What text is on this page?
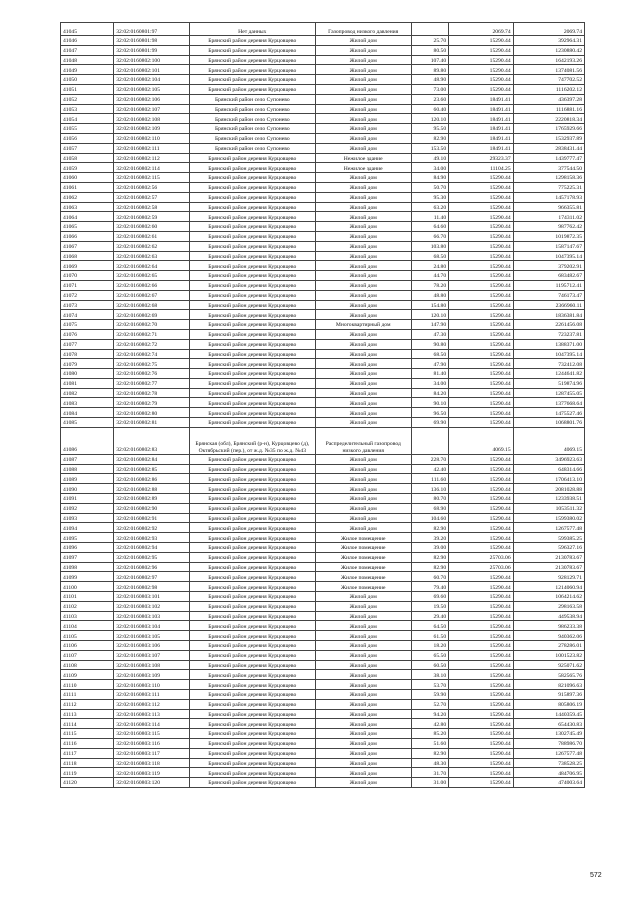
41045	32:02:0160801:97	Нет данных	Газопровод низкого давления		2069.74	2069.74
41046	32:02:0160801:98	Брянский район деревня Курцовцево	Жилой дом	25.70	15290.44	392964.31
41047	32:02:0160801:99	Брянский район деревня Курцовцево	Жилой дом	80.50	15290.44	1230880.42
41048	32:02:0160802:100	Брянский район деревня Курцовцево	Жилой дом	107.40	15290.44	1642193.26
41049	32:02:0160802:101	Брянский район деревня Курцовцево	Жилой дом	89.80	15290.44	1374081.56
41050	32:02:0160802:104	Брянский район деревня Курцовцево	Жилой дом	48.90	15290.44	747702.52
41051	32:02:0160802:105	Брянский район деревня Курцовцево	Жилой дом	73.00	15290.44	1116202.12
41052	32:02:0160802:106	Брянский район село Супонево	Жилой дом	23.60	18491.41	436397.28
41053	32:02:0160802:107	Брянский район село Супонево	Жилой дом	60.40	18491.41	1116881.16
41054	32:02:0160802:108	Брянский район село Супонево	Жилой дом	120.10	18491.41	2220818.34
41055	32:02:0160802:109	Брянский район село Супонево	Жилой дом	95.50	18491.41	1765929.66
41056	32:02:0160802:110	Брянский район село Супонево	Жилой дом	82.90	18491.41	1532937.89
41057	32:02:0160802:111	Брянский район село Супонево	Жилой дом	153.50	18491.41	2838431.44
41058	32:02:0160802:112	Брянский район деревня Курцовцево	Нежилое здание	49.10	29323.37	1439777.47
41059	32:02:0160802:114	Брянский район деревня Курцовцево	Нежилое здание	34.00	11104.25	377544.50
41060	32:02:0160802:115	Брянский район деревня Курцовцево	Жилой дом	84.90	15290.44	1298158.36
41061	32:02:0160802:56	Брянский район деревня Курцовцево	Жилой дом	50.70	15290.44	775225.31
41062	32:02:0160802:57	Брянский район деревня Курцовцево	Жилой дом	95.30	15290.44	1457178.93
41063	32:02:0160802:58	Брянский район деревня Курцовцево	Жилой дом	63.20	15290.44	966355.81
41064	32:02:0160802:59	Брянский район деревня Курцовцево	Жилой дом	11.40	15290.44	174311.02
41065	32:02:0160802:60	Брянский район деревня Курцовцево	Жилой дом	64.60	15290.44	987762.42
41066	32:02:0160802:61	Брянский район деревня Курцовцево	Жилой дом	66.70	15290.44	1019872.35
41067	32:02:0160802:62	Брянский район деревня Курцовцево	Жилой дом	103.80	15290.44	1587147.67
41068	32:02:0160802:63	Брянский район деревня Курцовцево	Жилой дом	68.50	15290.44	1047395.14
41069	32:02:0160802:64	Брянский район деревня Курцовцево	Жилой дом	24.80	15290.44	379202.91
41070	32:02:0160802:65	Брянский район деревня Курцовцево	Жилой дом	44.70	15290.44	683482.67
41071	32:02:0160802:66	Брянский район деревня Курцовцево	Жилой дом	78.20	15290.44	1195712.41
41072	32:02:0160802:67	Брянский район деревня Курцовцево	Жилой дом	48.80	15290.44	746173.47
41073	32:02:0160802:68	Брянский район деревня Курцовцево	Жилой дом	154.80	15290.44	2366960.11
41074	32:02:0160802:69	Брянский район деревня Курцовцево	Жилой дом	120.10	15290.44	1836381.84
41075	32:02:0160802:70	Брянский район деревня Курцовцево	Многоквартирный дом	147.90	15290.44	2261456.08
41076	32:02:0160802:71	Брянский район деревня Курцовцево	Жилой дом	47.30	15290.44	723237.81
41077	32:02:0160802:72	Брянский район деревня Курцовцево	Жилой дом	90.80	15290.44	1388371.00
41078	32:02:0160802:74	Брянский район деревня Курцовцево	Жилой дом	68.50	15290.44	1047395.14
41079	32:02:0160802:75	Брянский район деревня Курцовцево	Жилой дом	47.90	15290.44	732412.08
41080	32:02:0160802:76	Брянский район деревня Курцовцево	Жилой дом	81.40	15290.44	1244641.82
41081	32:02:0160802:77	Брянский район деревня Курцовцево	Жилой дом	34.00	15290.44	519874.96
41082	32:02:0160802:78	Брянский район деревня Курцовцево	Жилой дом	84.20	15290.44	1287455.05
41083	32:02:0160802:79	Брянский район деревня Курцовцево	Жилой дом	90.10	15290.44	1377668.64
41084	32:02:0160802:80	Брянский район деревня Курцовцево	Жилой дом	96.50	15290.44	1475527.46
41085	32:02:0160802:81	Брянский район деревня Курцовцево	Жилой дом	69.90	15290.44	1068801.76
41086	32:02:0160802:83	Брянская (обл), Брянский (р-н), Курцовцево (д), Октябрьский (пер.), от ж.д. №35 по ж.д. №43	Распределительный газопровод низкого давления		4069.15	4069.15
41087	32:02:0160802:84	Брянский район деревня Курцовцево	Жилой дом	228.70	15290.44	3496923.63
41088	32:02:0160802:85	Брянский район деревня Курцовцево	Жилой дом	42.40	15290.44	648314.66
41089	32:02:0160802:86	Брянский район деревня Курцовцево	Жилой дом	111.60	15290.44	1706413.10
41090	32:02:0160802:88	Брянский район деревня Курцовцево	Жилой дом	136.10	15290.44	2081028.88
41091	32:02:0160802:89	Брянский район деревня Курцовцево	Жилой дом	80.70	15290.44	1233938.51
41092	32:02:0160802:90	Брянский район деревня Курцовцево	Жилой дом	68.90	15290.44	1053511.32
41093	32:02:0160802:91	Брянский район деревня Курцовцево	Жилой дом	104.60	15290.44	1599380.02
41094	32:02:0160802:92	Брянский район деревня Курцовцево	Жилой дом	82.90	15290.44	1267577.48
41095	32:02:0160802:93	Брянский район деревня Курцовцево	Жилое помещение	39.20	15290.44	599385.25
41096	32:02:0160802:94	Брянский район деревня Курцовцево	Жилое помещение	39.00	15290.44	596327.16
41097	32:02:0160802:95	Брянский район деревня Курцовцево	Жилое помещение	82.90	25703.06	2130783.67
41098	32:02:0160802:96	Брянский район деревня Курцовцево	Жилое помещение	82.90	25703.06	2130783.67
41099	32:02:0160802:97	Брянский район деревня Курцовцево	Жилое помещение	60.70	15290.44	928129.71
41100	32:02:0160802:98	Брянский район деревня Курцовцево	Жилое помещение	79.40	15290.44	1214060.94
41101	32:02:0160803:101	Брянский район деревня Курцовцево	Жилой дом	69.60	15290.44	1064214.62
41102	32:02:0160803:102	Брянский район деревня Курцовцево	Жилой дом	19.50	15290.44	298163.58
41103	32:02:0160803:103	Брянский район деревня Курцовцево	Жилой дом	29.40	15290.44	449538.94
41104	32:02:0160803:104	Брянский район деревня Курцовцево	Жилой дом	64.50	15290.44	986233.38
41105	32:02:0160803:105	Брянский район деревня Курцовцево	Жилой дом	61.50	15290.44	940362.06
41106	32:02:0160803:106	Брянский район деревня Курцовцево	Жилой дом	18.20	15290.44	278286.01
41107	32:02:0160803:107	Брянский район деревня Курцовцево	Жилой дом	65.50	15290.44	1001523.82
41108	32:02:0160803:108	Брянский район деревня Курцовцево	Жилой дом	60.50	15290.44	925071.62
41109	32:02:0160803:109	Брянский район деревня Курцовцево	Жилой дом	38.10	15290.44	582565.76
41110	32:02:0160803:110	Брянский район деревня Курцовцево	Жилой дом	53.70	15290.44	821096.63
41111	32:02:0160803:111	Брянский район деревня Курцовцево	Жилой дом	59.90	15290.44	915897.36
41112	32:02:0160803:112	Брянский район деревня Курцовцево	Жилой дом	52.70	15290.44	805806.19
41113	32:02:0160803:113	Брянский район деревня Курцовцево	Жилой дом	94.20	15290.44	1440359.45
41114	32:02:0160803:114	Брянский район деревня Курцовцево	Жилой дом	42.80	15290.44	654430.83
41115	32:02:0160803:115	Брянский район деревня Курцовцево	Жилой дом	85.20	15290.44	1302745.49
41116	32:02:0160803:116	Брянский район деревня Курцовцево	Жилой дом	51.60	15290.44	788986.70
41117	32:02:0160803:117	Брянский район деревня Курцовцево	Жилой дом	82.90	15290.44	1267577.48
41118	32:02:0160803:118	Брянский район деревня Курцовцево	Жилой дом	48.30	15290.44	738528.25
41119	32:02:0160803:119	Брянский район деревня Курцовцево	Жилой дом	31.70	15290.44	484706.95
41120	32:02:0160803:120	Брянский район деревня Курцовцево	Жилой дом	31.00	15290.44	474003.64
572
